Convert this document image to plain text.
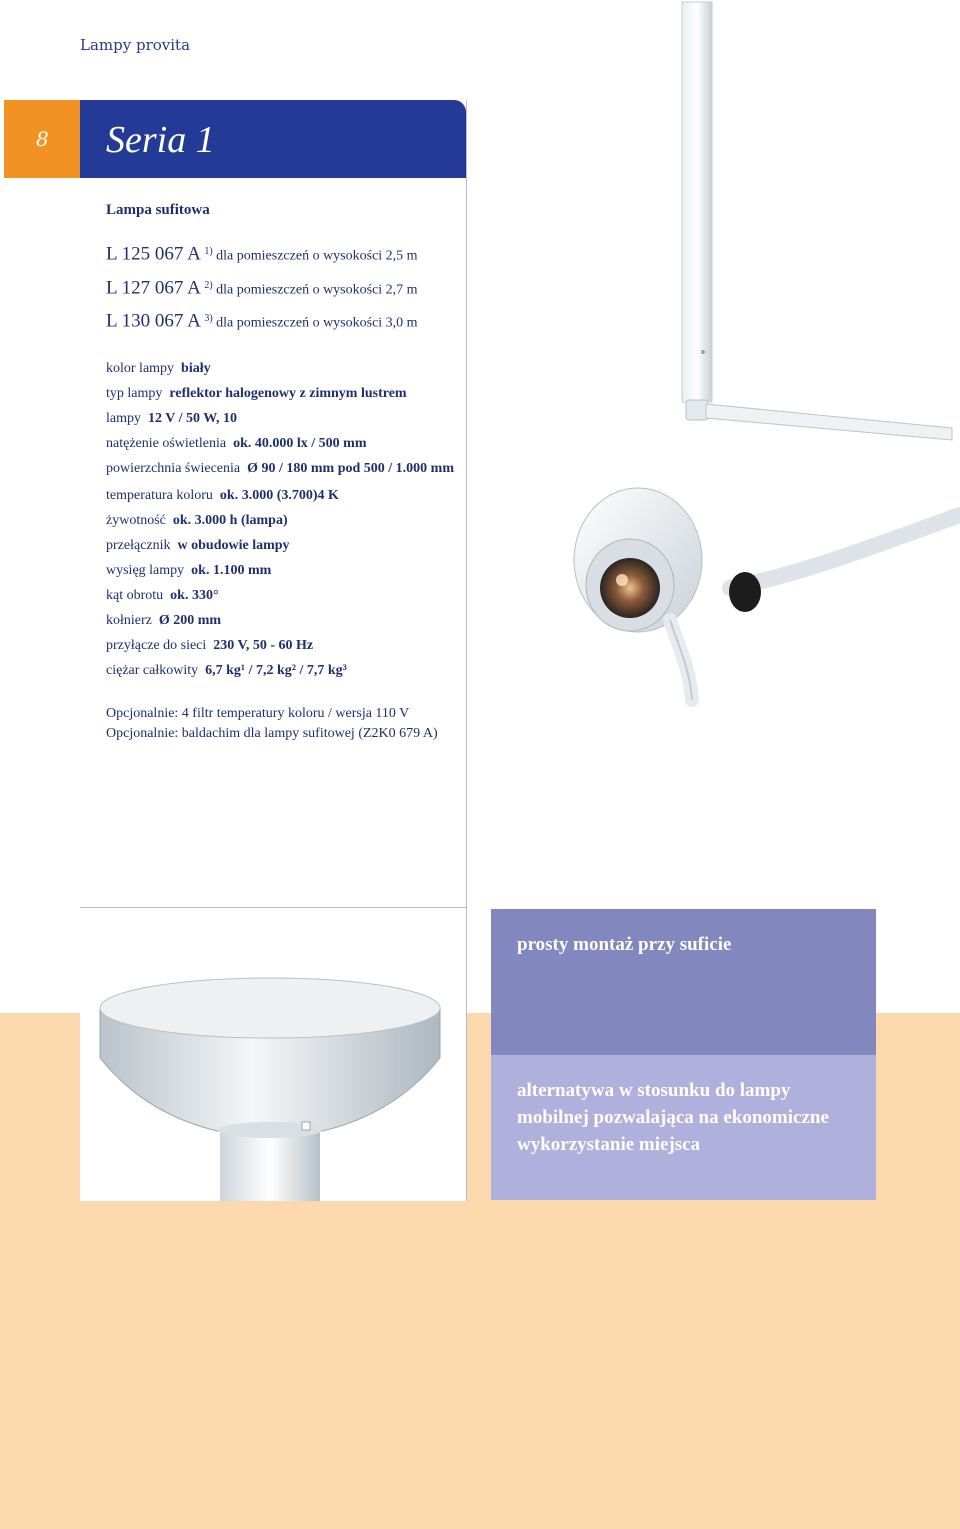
Lampy provita
8 Seria 1
Lampa sufitowa
L 125 067 A $^{1)}$ dla pomieszczeń o wysokości 2,5 m
L 127 067 A $^{2)}$ dla pomieszczeń o wysokości 2,7 m
L 130 067 A $^{3)}$ dla pomieszczeń o wysokości 3,0 m
kolor lampy biały
typ lampy reflektor halogenowy z zimnym lustrem
lampy 12 V / 50 W, 10
natężenie oświetlenia ok. 40.000 lx / 500 mm
powierzchnia świecenia Ø 90 / 180 mm pod 500 / 1.000 mm
temperatura koloru ok. 3.000 (3.700)4 K
żywotność ok. 3.000 h (lampa)
przełącznik w obudowie lampy
wysięg lampy ok. 1.100 mm
kąt obrotu ok. 330°
kołnierz Ø 200 mm
przyłącze do sieci 230 V, 50 - 60 Hz
ciężar całkowity 6,7 kg¹ / 7,2 kg² / 7,7 kg³
Opcjonalnie: 4 filtr temperatury koloru / wersja 110 V
Opcjonalnie: baldachim dla lampy sufitowej (Z2K0 679 A)
prosty montaż przy suficie
alternatywa w stosunku do lampy mobilnej pozwalająca na ekonomiczne wykorzystanie miejsca
